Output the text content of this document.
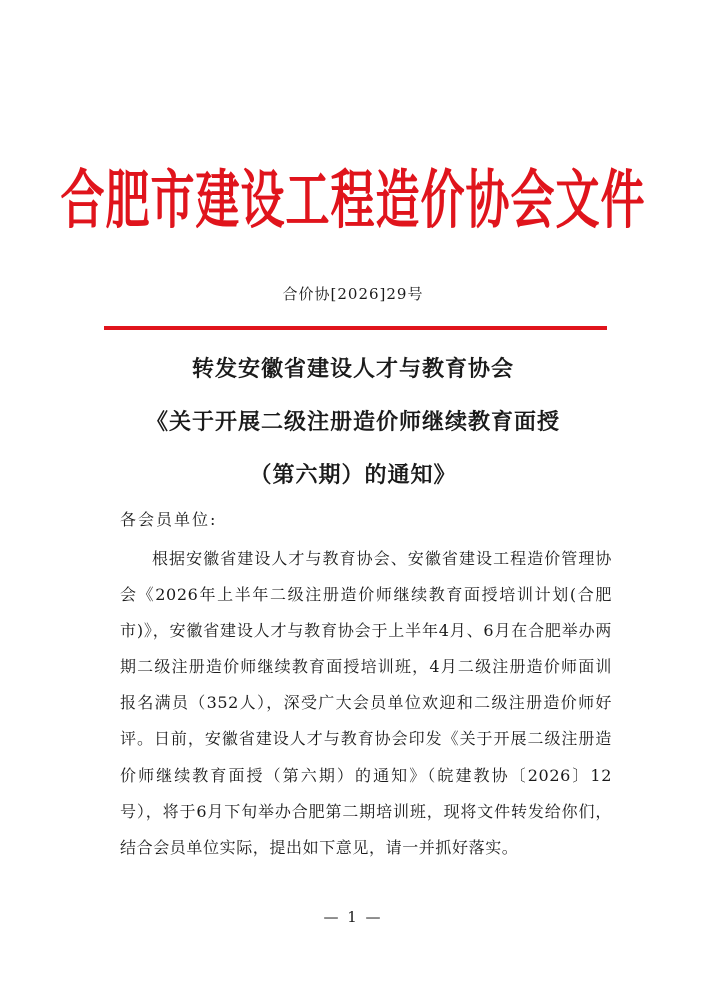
合肥市建设工程造价协会文件
合价协[2026]29号
转发安徽省建设人才与教育协会
《关于开展二级注册造价师继续教育面授
（第六期）的通知》
各会员单位:

根据安徽省建设人才与教育协会、安徽省建设工程造价管理协会《2026年上半年二级注册造价师继续教育面授培训计划(合肥市)》，安徽省建设人才与教育协会于上半年4月、6月在合肥举办两期二级注册造价师继续教育面授培训班，4月二级注册造价师面训报名满员（352人），深受广大会员单位欢迎和二级注册造价师好评。日前，安徽省建设人才与教育协会印发《关于开展二级注册造价师继续教育面授（第六期）的通知》（皖建教协〔2026〕12号），将于6月下旬举办合肥第二期培训班，现将文件转发给你们，结合会员单位实际，提出如下意见，请一并抓好落实。

— 1 —
